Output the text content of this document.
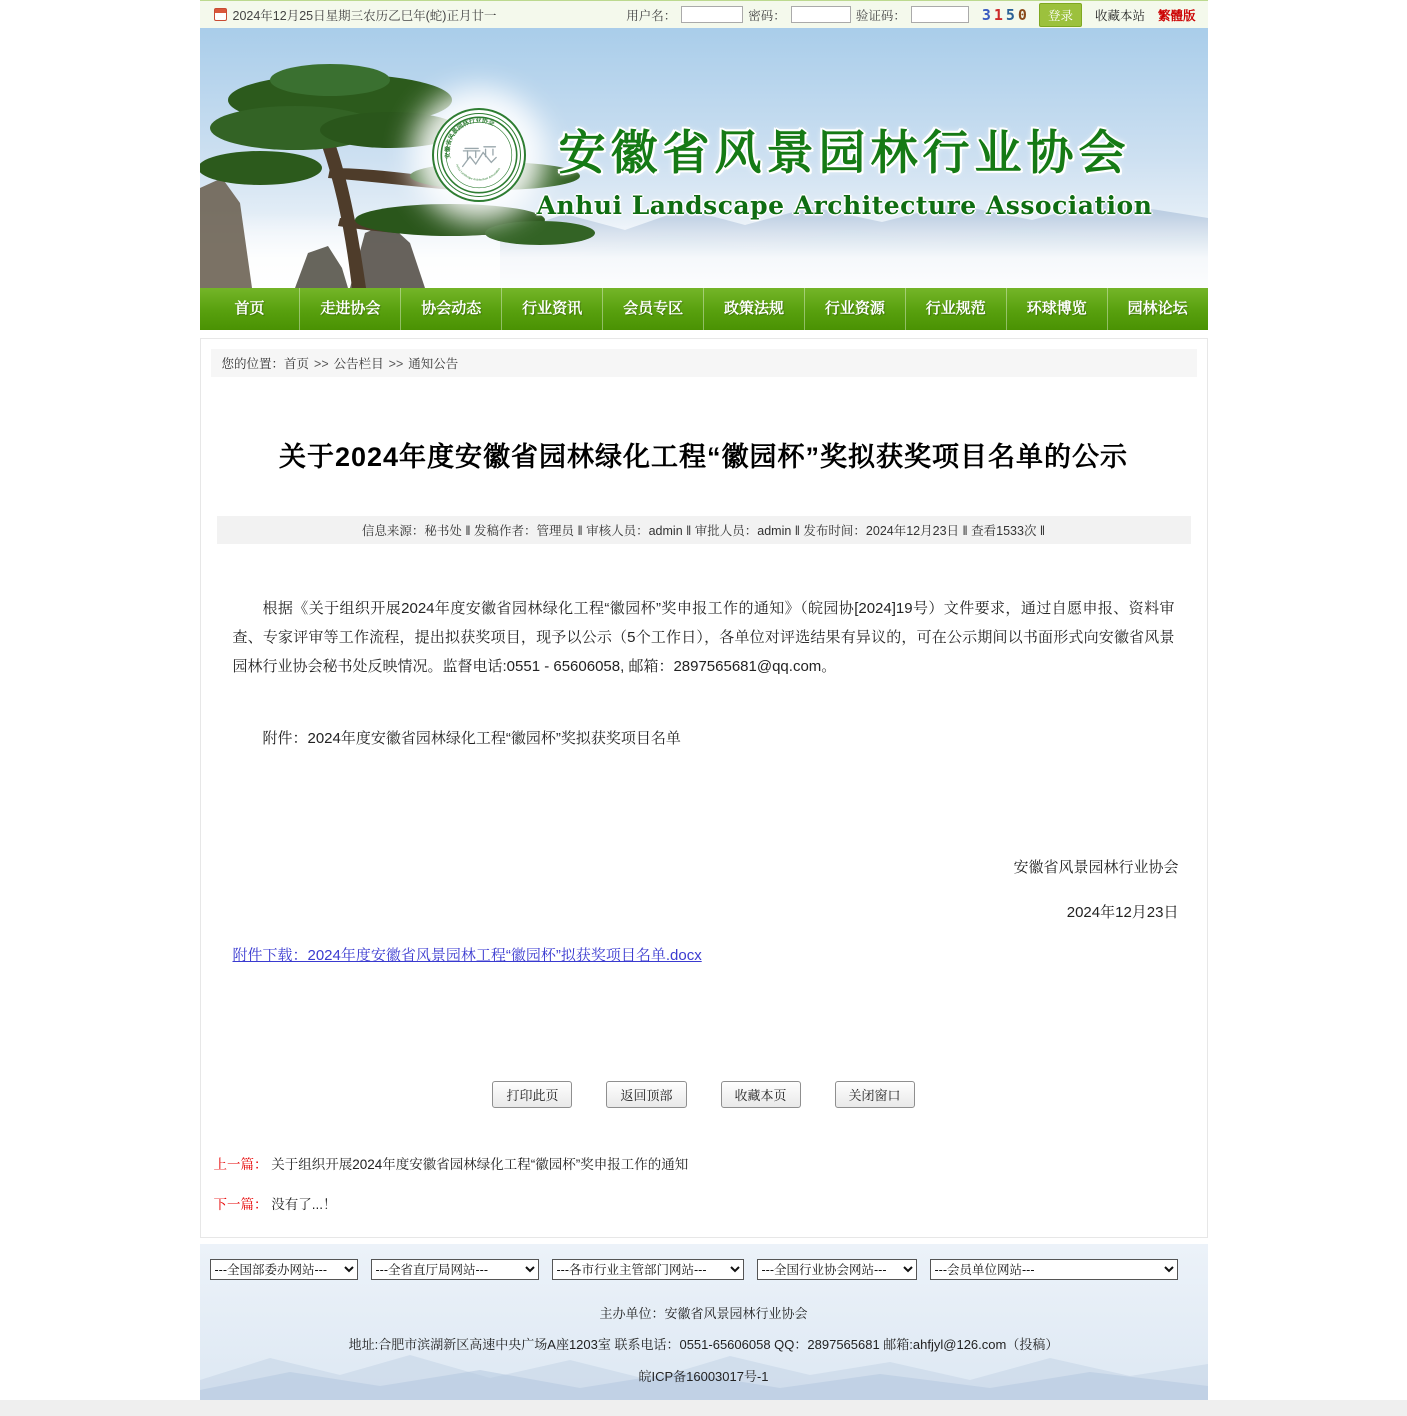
2024年12月25日星期三农历乙巳年(蛇)正月廿一	用户名：	密码：	验证码：	3150	登录	收藏本站 繁體版
安徽省风景园林行业协会
Anhui Landscape Architecture Association	安徽省风景园林行业协会
Anhui Landscape Architecture Association
首页	走进协会	协会动态	行业资讯	会员专区	政策法规	行业资源	行业规范	环球博览	园林论坛
您的位置：首页 >> 公告栏目 >> 通知公告
关于2024年度安徽省园林绿化工程“徽园杯”奖拟获奖项目名单的公示
信息来源：秘书处 ‖ 发稿作者：管理员 ‖ 审核人员：admin ‖ 审批人员：admin ‖ 发布时间：2024年12月23日 ‖ 查看1533次 ‖

根据《关于组织开展2024年度安徽省园林绿化工程“徽园杯”奖申报工作的通知》（皖园协[2024]19号）文件要求，通过自愿申报、资料审查、专家评审等工作流程，提出拟获奖项目，现予以公示（5个工作日），各单位对评选结果有异议的，可在公示期间以书面形式向安徽省风景园林行业协会秘书处反映情况。监督电话:0551 - 65606058, 邮箱：2897565681@qq.com。

附件：2024年度安徽省园林绿化工程“徽园杯”奖拟获奖项目名单
安徽省风景园林行业协会
2024年12月23日
附件下载：2024年度安徽省风景园林工程“徽园杯”拟获奖项目名单.docx
打印此页	返回顶部	收藏本页	关闭窗口
上一篇： 关于组织开展2024年度安徽省园林绿化工程“徽园杯”奖申报工作的通知
下一篇： 没有了...！
---全国部委办网站---
---全省直厅局网站---
---各市行业主管部门网站---
---全国行业协会网站---
---会员单位网站---
主办单位：安徽省风景园林行业协会
地址:合肥市滨湖新区高速中央广场A座1203室 联系电话：0551-65606058 QQ：2897565681 邮箱:ahfjyl@126.com（投稿）
皖ICP备16003017号-1
